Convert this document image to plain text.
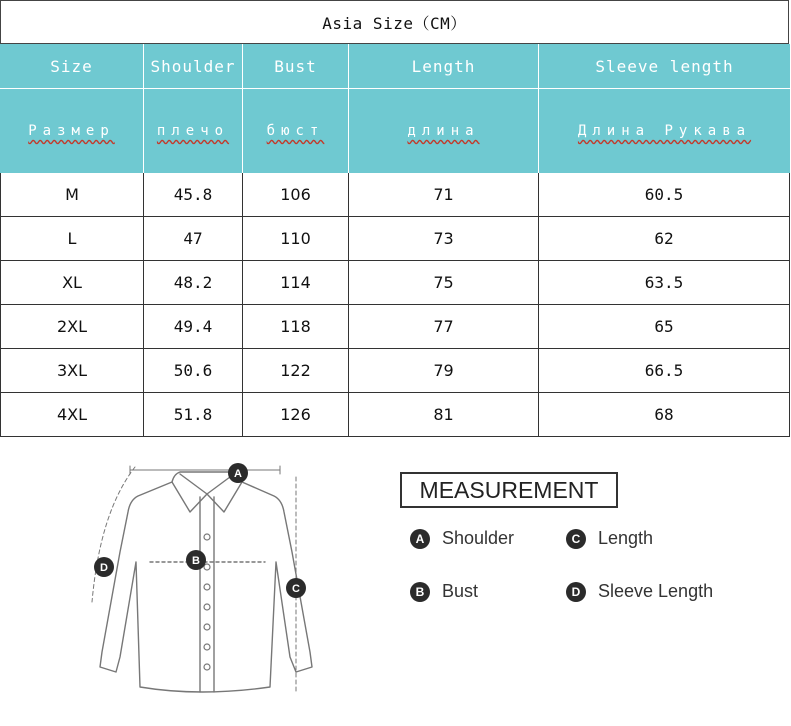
Asia Size（CM）
Size	Shoulder	Bust	Length	Sleeve length
Размер	плечо	бюст	длина	Длина Рукава
M	45.8	106	71	60.5
L	47	110	73	62
XL	48.2	114	75	63.5
2XL	49.4	118	77	65
3XL	50.6	122	79	66.5
4XL	51.8	126	81	68
A
B
C
D
MEASUREMENT
A Shoulder	C Length
B Bust	D Sleeve Length
